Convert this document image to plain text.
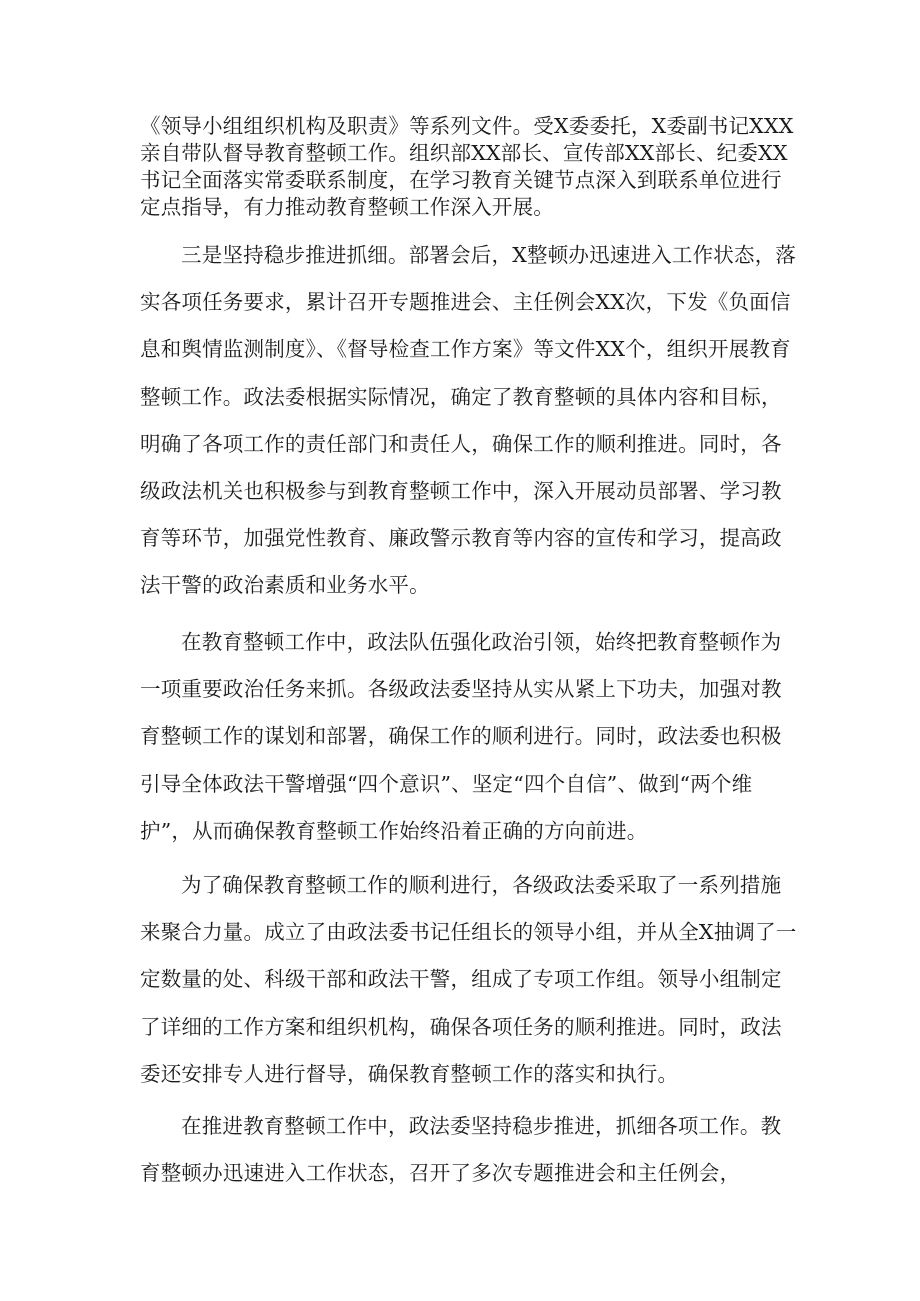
《领导小组组织机构及职责》等系列文件。受X委委托，X委副书记XXX亲自带队督导教育整顿工作。组织部XX部长、宣传部XX部长、纪委XX书记全面落实常委联系制度，在学习教育关键节点深入到联系单位进行定点指导，有力推动教育整顿工作深入开展。

三是坚持稳步推进抓细。部署会后，X整顿办迅速进入工作状态，落实各项任务要求，累计召开专题推进会、主任例会XX次，下发《负面信息和舆情监测制度》、《督导检查工作方案》等文件XX个，组织开展教育整顿工作。政法委根据实际情况，确定了教育整顿的具体内容和目标，明确了各项工作的责任部门和责任人，确保工作的顺利推进。同时，各级政法机关也积极参与到教育整顿工作中，深入开展动员部署、学习教育等环节，加强党性教育、廉政警示教育等内容的宣传和学习，提高政法干警的政治素质和业务水平。

在教育整顿工作中，政法队伍强化政治引领，始终把教育整顿作为一项重要政治任务来抓。各级政法委坚持从实从紧上下功夫，加强对教育整顿工作的谋划和部署，确保工作的顺利进行。同时，政法委也积极引导全体政法干警增强“四个意识”、坚定“四个自信”、做到“两个维护”，从而确保教育整顿工作始终沿着正确的方向前进。

为了确保教育整顿工作的顺利进行，各级政法委采取了一系列措施来聚合力量。成立了由政法委书记任组长的领导小组，并从全X抽调了一定数量的处、科级干部和政法干警，组成了专项工作组。领导小组制定了详细的工作方案和组织机构，确保各项任务的顺利推进。同时，政法委还安排专人进行督导，确保教育整顿工作的落实和执行。

在推进教育整顿工作中，政法委坚持稳步推进，抓细各项工作。教育整顿办迅速进入工作状态，召开了多次专题推进会和主任例会，
